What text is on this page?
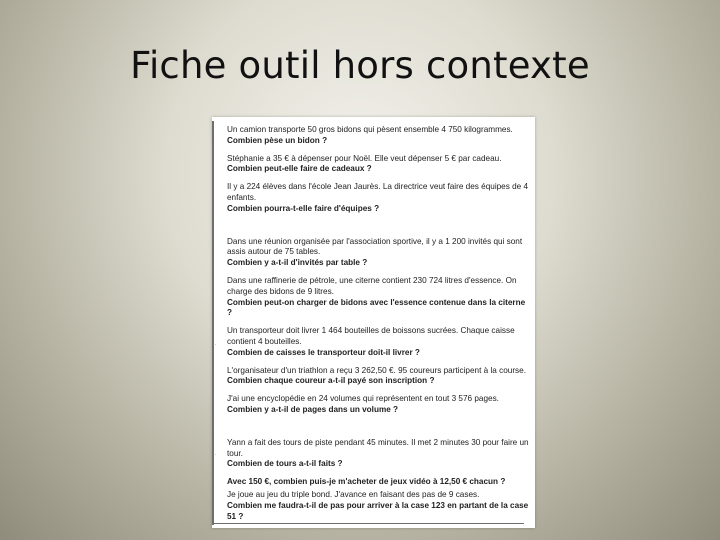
Fiche outil hors contexte
·
·

Un camion transporte 50 gros bidons qui pèsent ensemble 4 750 kilogrammes.

Combien pèse un bidon ?

Stéphanie a 35 € à dépenser pour Noël. Elle veut dépenser 5 € par cadeau.

Combien peut-elle faire de cadeaux ?

Il y a 224 élèves dans l'école Jean Jaurès. La directrice veut faire des équipes de 4 enfants.

Combien pourra-t-elle faire d'équipes ?

Dans une réunion organisée par l'association sportive, il y a 1 200 invités qui sont assis autour de 75 tables.

Combien y a-t-il d'invités par table ?

Dans une raffinerie de pétrole, une citerne contient 230 724 litres d'essence. On charge des bidons de 9 litres.

Combien peut-on charger de bidons avec l'essence contenue dans la citerne ?

Un transporteur doit livrer 1 464 bouteilles de boissons sucrées. Chaque caisse contient 4 bouteilles.

Combien de caisses le transporteur doit-il livrer ?

L'organisateur d'un triathlon a reçu 3 262,50 €. 95 coureurs participent à la course.

Combien chaque coureur a-t-il payé son inscription ?

J'ai une encyclopédie en 24 volumes qui représentent en tout 3 576 pages.

Combien y a-t-il de pages dans un volume ?

Yann a fait des tours de piste pendant 45 minutes. Il met 2 minutes 30 pour faire un tour.

Combien de tours a-t-il faits ?

Avec 150 €, combien puis-je m'acheter de jeux vidéo à 12,50 € chacun ?

Je joue au jeu du triple bond. J'avance en faisant des pas de 9 cases.

Combien me faudra-t-il de pas pour arriver à la case 123 en partant de la case 51 ?
